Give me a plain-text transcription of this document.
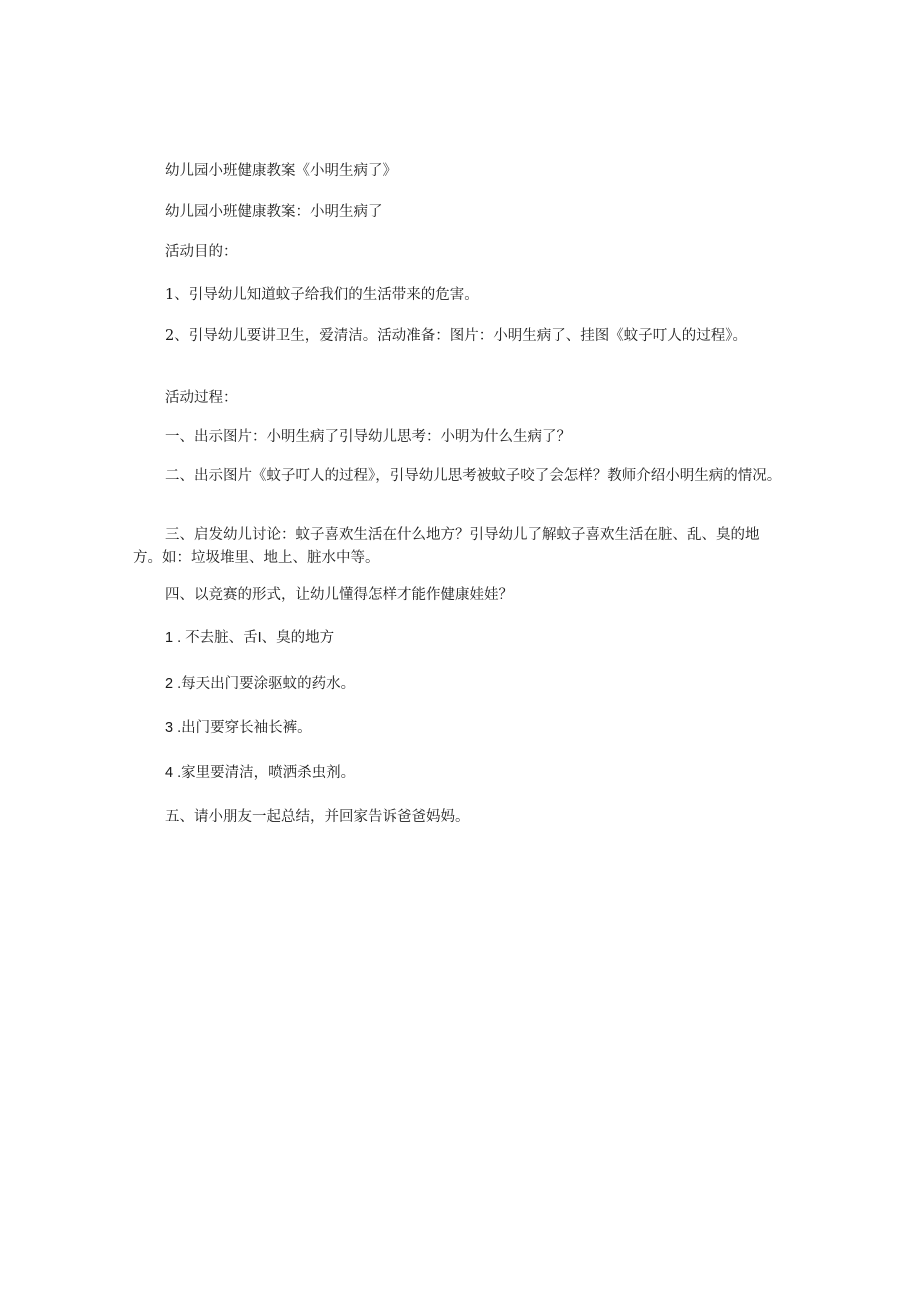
幼儿园小班健康教案《小明生病了》

幼儿园小班健康教案：小明生病了

活动目的：

1、引导幼儿知道蚊子给我们的生活带来的危害。

2、引导幼儿要讲卫生，爱清洁。活动准备：图片：小明生病了、挂图《蚊子叮人的过程》。

活动过程：

一、出示图片：小明生病了引导幼儿思考：小明为什么生病了？

二、出示图片《蚊子叮人的过程》，引导幼儿思考被蚊子咬了会怎样？教师介绍小明生病的情况。

三、启发幼儿讨论：蚊子喜欢生活在什么地方？引导幼儿了解蚊子喜欢生活在脏、乱、臭的地方。如：垃圾堆里、地上、脏水中等。

四、以竞赛的形式，让幼儿懂得怎样才能作健康娃娃？

1 . 不去脏、舌I、臭的地方

2 .每天出门要涂驱蚊的药水。

3 .出门要穿长袖长裤。

4 .家里要清洁，喷洒杀虫剂。

五、请小朋友一起总结，并回家告诉爸爸妈妈。
